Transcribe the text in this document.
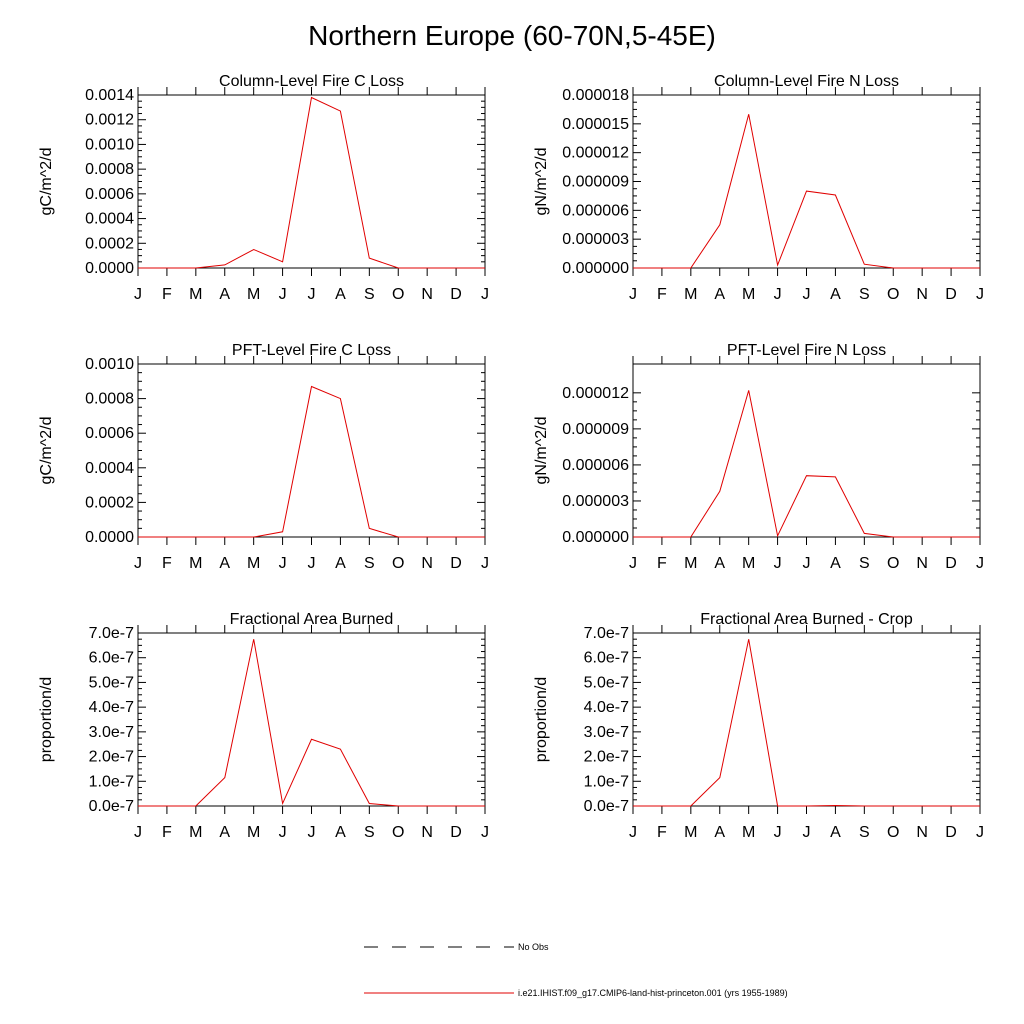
Northern Europe (60-70N,5-45E)
Column-Level Fire C Loss
gC/m^2/d
0.0000
0.0002
0.0004
0.0006
0.0008
0.0010
0.0012
0.0014
J F M A M J J A S O N D J
Column-Level Fire N Loss
gN/m^2/d
0.000000
0.000003
0.000006
0.000009
0.000012
0.000015
0.000018
J F M A M J J A S O N D J
PFT-Level Fire C Loss
gC/m^2/d
0.0000
0.0002
0.0004
0.0006
0.0008
0.0010
J F M A M J J A S O N D J
PFT-Level Fire N Loss
gN/m^2/d
0.000000
0.000003
0.000006
0.000009
0.000012
J F M A M J J A S O N D J
Fractional Area Burned
proportion/d
0.0e-7
1.0e-7
2.0e-7
3.0e-7
4.0e-7
5.0e-7
6.0e-7
7.0e-7
J F M A M J J A S O N D J
Fractional Area Burned - Crop
proportion/d
0.0e-7
1.0e-7
2.0e-7
3.0e-7
4.0e-7
5.0e-7
6.0e-7
7.0e-7
J F M A M J J A S O N D J
No Obs
i.e21.IHIST.f09_g17.CMIP6-land-hist-princeton.001 (yrs 1955-1989)
